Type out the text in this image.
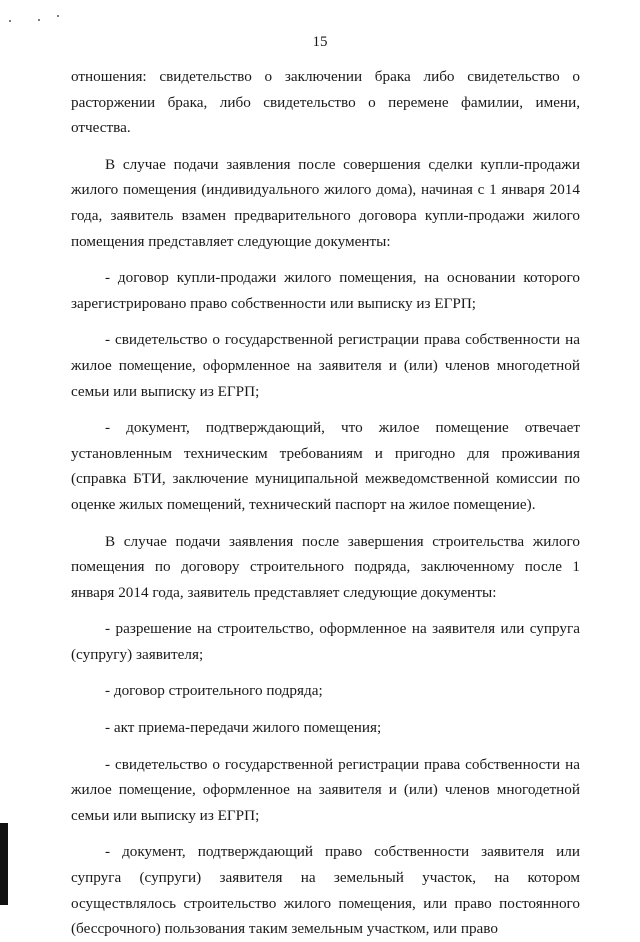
15

отношения: свидетельство о заключении брака либо свидетельство о расторжении брака, либо свидетельство о перемене фамилии, имени, отчества.

В случае подачи заявления после совершения сделки купли-продажи жилого помещения (индивидуального жилого дома), начиная с 1 января 2014 года, заявитель взамен предварительного договора купли-продажи жилого помещения представляет следующие документы:

- договор купли-продажи жилого помещения, на основании которого зарегистрировано право собственности или выписку из ЕГРП;

- свидетельство о государственной регистрации права собственности на жилое помещение, оформленное на заявителя и (или) членов многодетной семьи или выписку из ЕГРП;

- документ, подтверждающий, что жилое помещение отвечает установленным техническим требованиям и пригодно для проживания (справка БТИ, заключение муниципальной межведомственной комиссии по оценке жилых помещений, технический паспорт на жилое помещение).

В случае подачи заявления после завершения строительства жилого помещения по договору строительного подряда, заключенному после 1 января 2014 года, заявитель представляет следующие документы:

- разрешение на строительство, оформленное на заявителя или супруга (супругу) заявителя;

- договор строительного подряда;

- акт приема-передачи жилого помещения;

- свидетельство о государственной регистрации права собственности на жилое помещение, оформленное на заявителя и (или) членов многодетной семьи или выписку из ЕГРП;

- документ, подтверждающий право собственности заявителя или супруга (супруги) заявителя на земельный участок, на котором осуществлялось строительство жилого помещения, или право постоянного (бессрочного) пользования таким земельным участком, или право
